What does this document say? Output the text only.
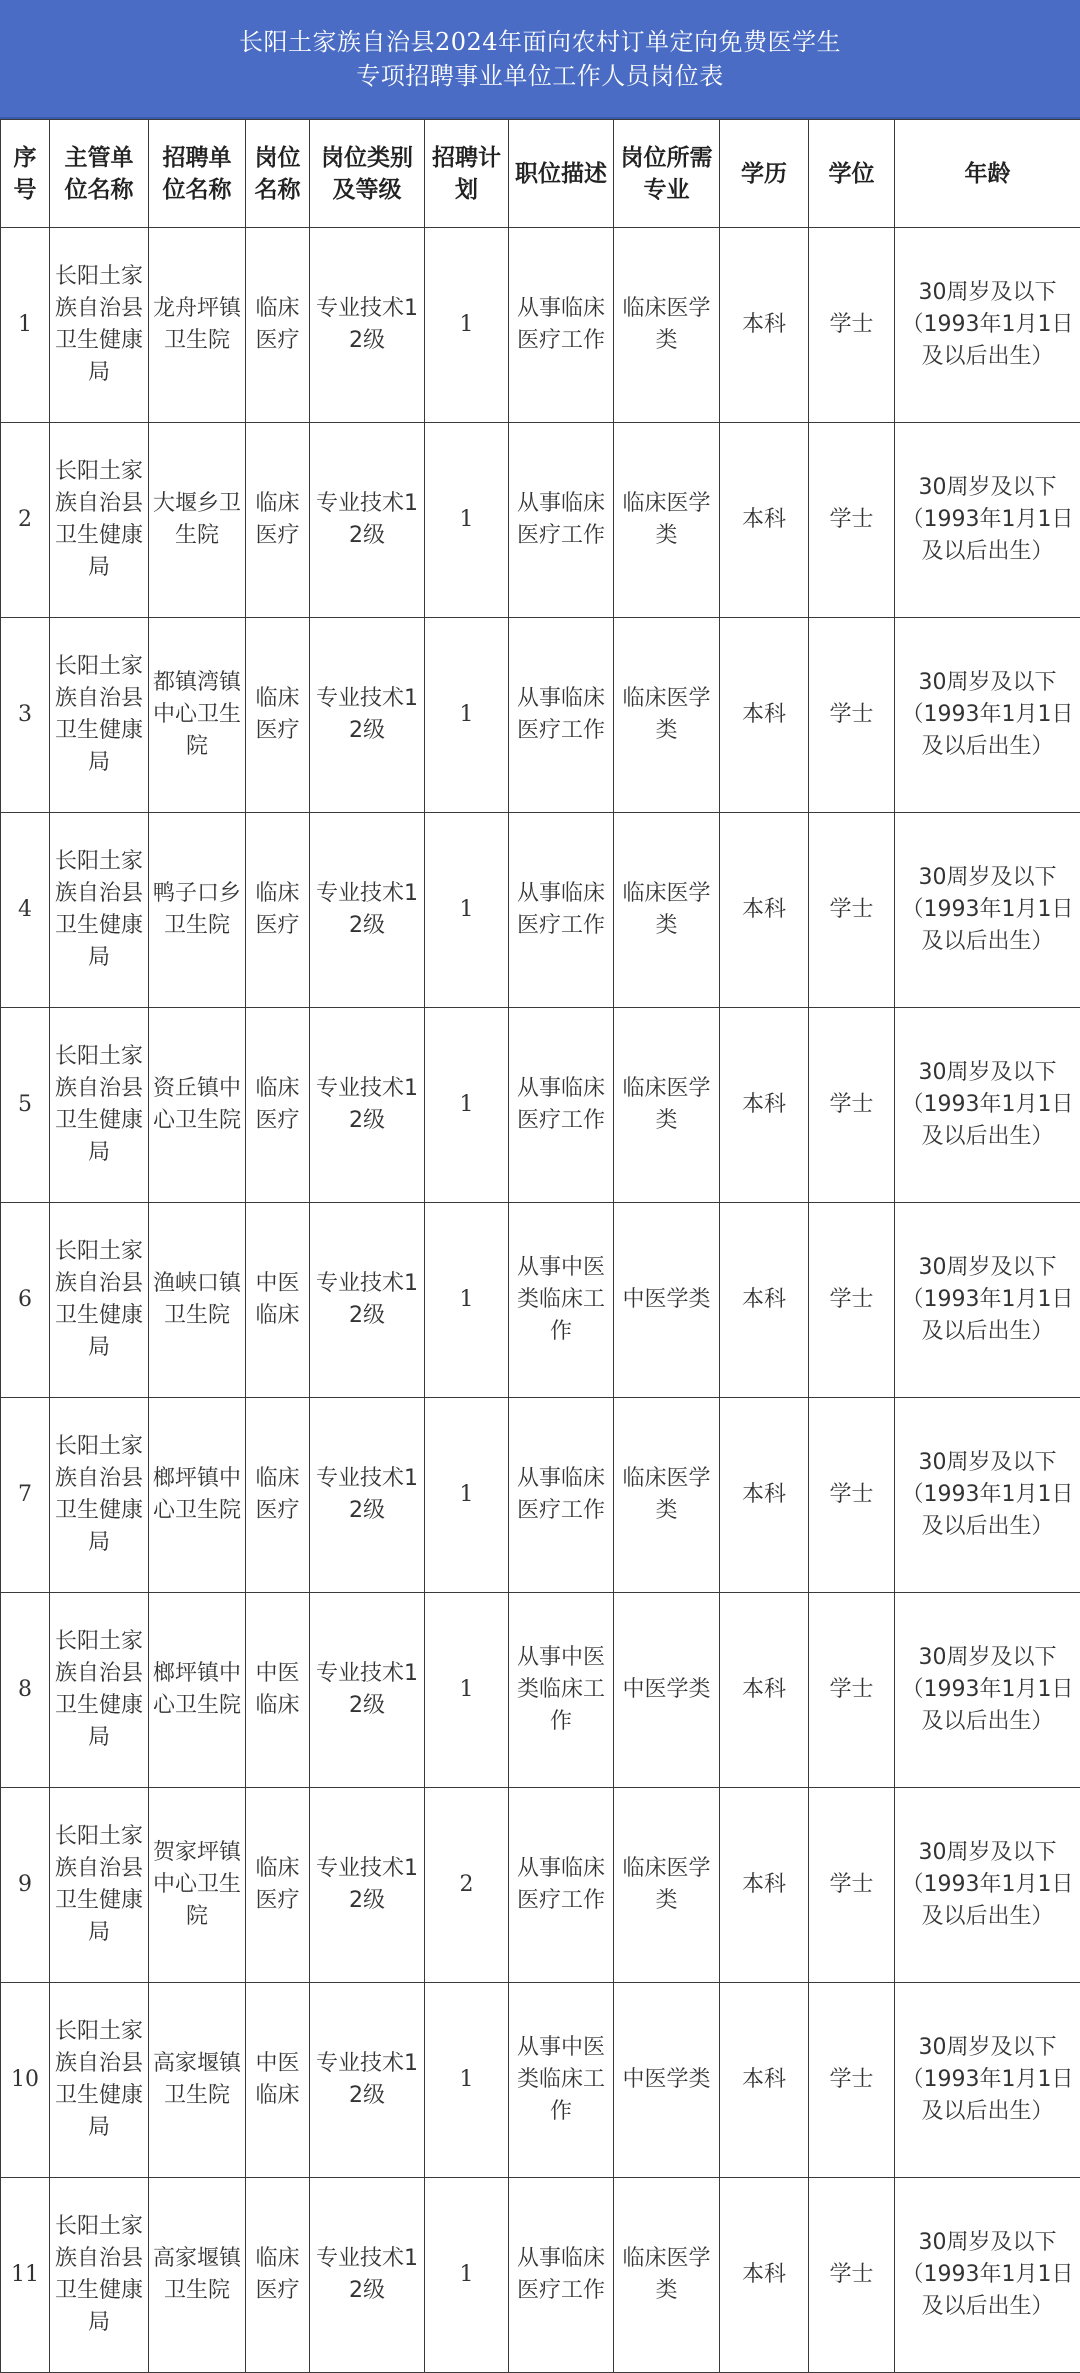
长阳土家族自治县2024年面向农村订单定向免费医学生
专项招聘事业单位工作人员岗位表
序号	主管单位名称	招聘单位名称	岗位名称	岗位类别及等级	招聘计划	职位描述	岗位所需专业	学历	学位	年龄
1	长阳土家族自治县卫生健康局	龙舟坪镇卫生院	临床医疗	专业技术12级	1	从事临床医疗工作	临床医学类	本科	学士	30周岁及以下
（1993年1月1日
及以后出生）

2	长阳土家族自治县卫生健康局	大堰乡卫生院	临床医疗	专业技术12级	1	从事临床医疗工作	临床医学类	本科	学士	30周岁及以下
（1993年1月1日
及以后出生）

3	长阳土家族自治县卫生健康局	都镇湾镇中心卫生院	临床医疗	专业技术12级	1	从事临床医疗工作	临床医学类	本科	学士	30周岁及以下
（1993年1月1日
及以后出生）

4	长阳土家族自治县卫生健康局	鸭子口乡卫生院	临床医疗	专业技术12级	1	从事临床医疗工作	临床医学类	本科	学士	30周岁及以下
（1993年1月1日
及以后出生）

5	长阳土家族自治县卫生健康局	资丘镇中心卫生院	临床医疗	专业技术12级	1	从事临床医疗工作	临床医学类	本科	学士	30周岁及以下
（1993年1月1日
及以后出生）

6	长阳土家族自治县卫生健康局	渔峡口镇卫生院	中医临床	专业技术12级	1	从事中医类临床工作	中医学类	本科	学士	30周岁及以下
（1993年1月1日
及以后出生）

7	长阳土家族自治县卫生健康局	榔坪镇中心卫生院	临床医疗	专业技术12级	1	从事临床医疗工作	临床医学类	本科	学士	30周岁及以下
（1993年1月1日
及以后出生）

8	长阳土家族自治县卫生健康局	榔坪镇中心卫生院	中医临床	专业技术12级	1	从事中医类临床工作	中医学类	本科	学士	30周岁及以下
（1993年1月1日
及以后出生）

9	长阳土家族自治县卫生健康局	贺家坪镇中心卫生院	临床医疗	专业技术12级	2	从事临床医疗工作	临床医学类	本科	学士	30周岁及以下
（1993年1月1日
及以后出生）

10	长阳土家族自治县卫生健康局	高家堰镇卫生院	中医临床	专业技术12级	1	从事中医类临床工作	中医学类	本科	学士	30周岁及以下
（1993年1月1日
及以后出生）

11	长阳土家族自治县卫生健康局	高家堰镇卫生院	临床医疗	专业技术12级	1	从事临床医疗工作	临床医学类	本科	学士	30周岁及以下
（1993年1月1日
及以后出生）
